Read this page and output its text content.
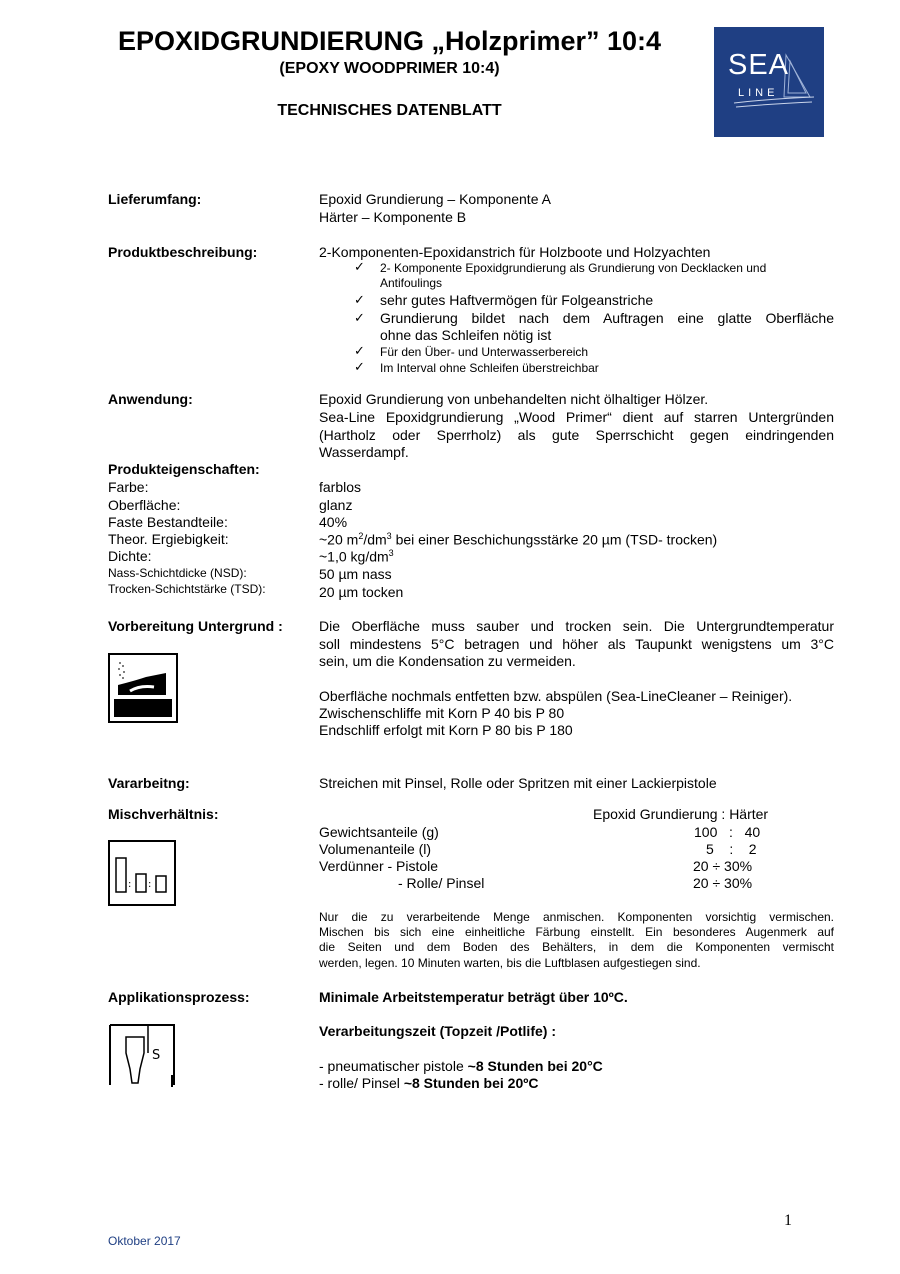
EPOXIDGRUNDIERUNG „Holzprimer” 10:4
(EPOXY WOODPRIMER 10:4)
TECHNISCHES DATENBLATT
SEA
LINE
Lieferumfang:	Epoxid Grundierung – Komponente A
Härter – Komponente B
Produktbeschreibung:	2-Komponenten-Epoxidanstrich für Holzboote und Holzyachten
✓ 2- Komponente Epoxidgrundierung als Grundierung von Decklacken und
Antifoulings
✓ sehr gutes Haftvermögen für Folgeanstriche
✓ Grundierung bildet nach dem Auftragen eine glatte Oberfläche
ohne das Schleifen nötig ist
✓ Für den Über- und Unterwasserbereich
✓ Im Interval ohne Schleifen überstreichbar
Anwendung:	Epoxid Grundierung von unbehandelten nicht ölhaltiger Hölzer.
Sea-Line Epoxidgrundierung „Wood Primer“ dient auf starren Untergründen
(Hartholz oder Sperrholz) als gute Sperrschicht gegen eindringenden
Wasserdampf.
Produkteigenschaften:
Farbe:	farblos
Oberfläche:	glanz
Faste Bestandteile:	40%
Theor. Ergiebigkeit:	~20 $m^2/dm^3$ bei einer Beschichungsstärke 20 µm (TSD- trocken)
Dichte:	~1,0 $kg/dm^3$
Nass-Schichtdicke (NSD):	50 µm nass
Trocken-Schichtstärke (TSD):	20 µm tocken
Vorbereitung Untergrund :	Die Oberfläche muss sauber und trocken sein. Die Untergrundtemperatur
soll mindestens 5°C betragen und höher als Taupunkt wenigstens um 3°C
sein, um die Kondensation zu vermeiden.
Oberfläche nochmals entfetten bzw. abspülen (Sea-LineCleaner – Reiniger).
Zwischenschliffe mit Korn P 40 bis P 80
Endschliff erfolgt mit Korn P 80 bis P 180
Vararbeitng:	Streichen mit Pinsel, Rolle oder Spritzen mit einer Lackierpistole
Mischverhältnis:	Epoxid Grundierung : Härter
Gewichtsanteile (g)	100   :   40
Volumenanteile (l)	5    :    2
Verdünner - Pistole	20 ÷ 30%
- Rolle/ Pinsel	20 ÷ 30%
: :
Nur die zu verarbeitende Menge anmischen. Komponenten vorsichtig vermischen.
Mischen bis sich eine einheitliche Färbung einstellt. Ein besonderes Augenmerk auf
die Seiten und dem Boden des Behälters, in dem die Komponenten vermischt
werden, legen. 10 Minuten warten, bis die Luftblasen aufgestiegen sind.
Applikationsprozess:	Minimale Arbeitstemperatur beträgt über 10ºC.
Verarbeitungszeit (Topzeit /Potlife) :
- pneumatischer pistole ~8 Stunden bei 20°C
- rolle/ Pinsel ~8 Stunden bei 20ºC
S
1
Oktober 2017
